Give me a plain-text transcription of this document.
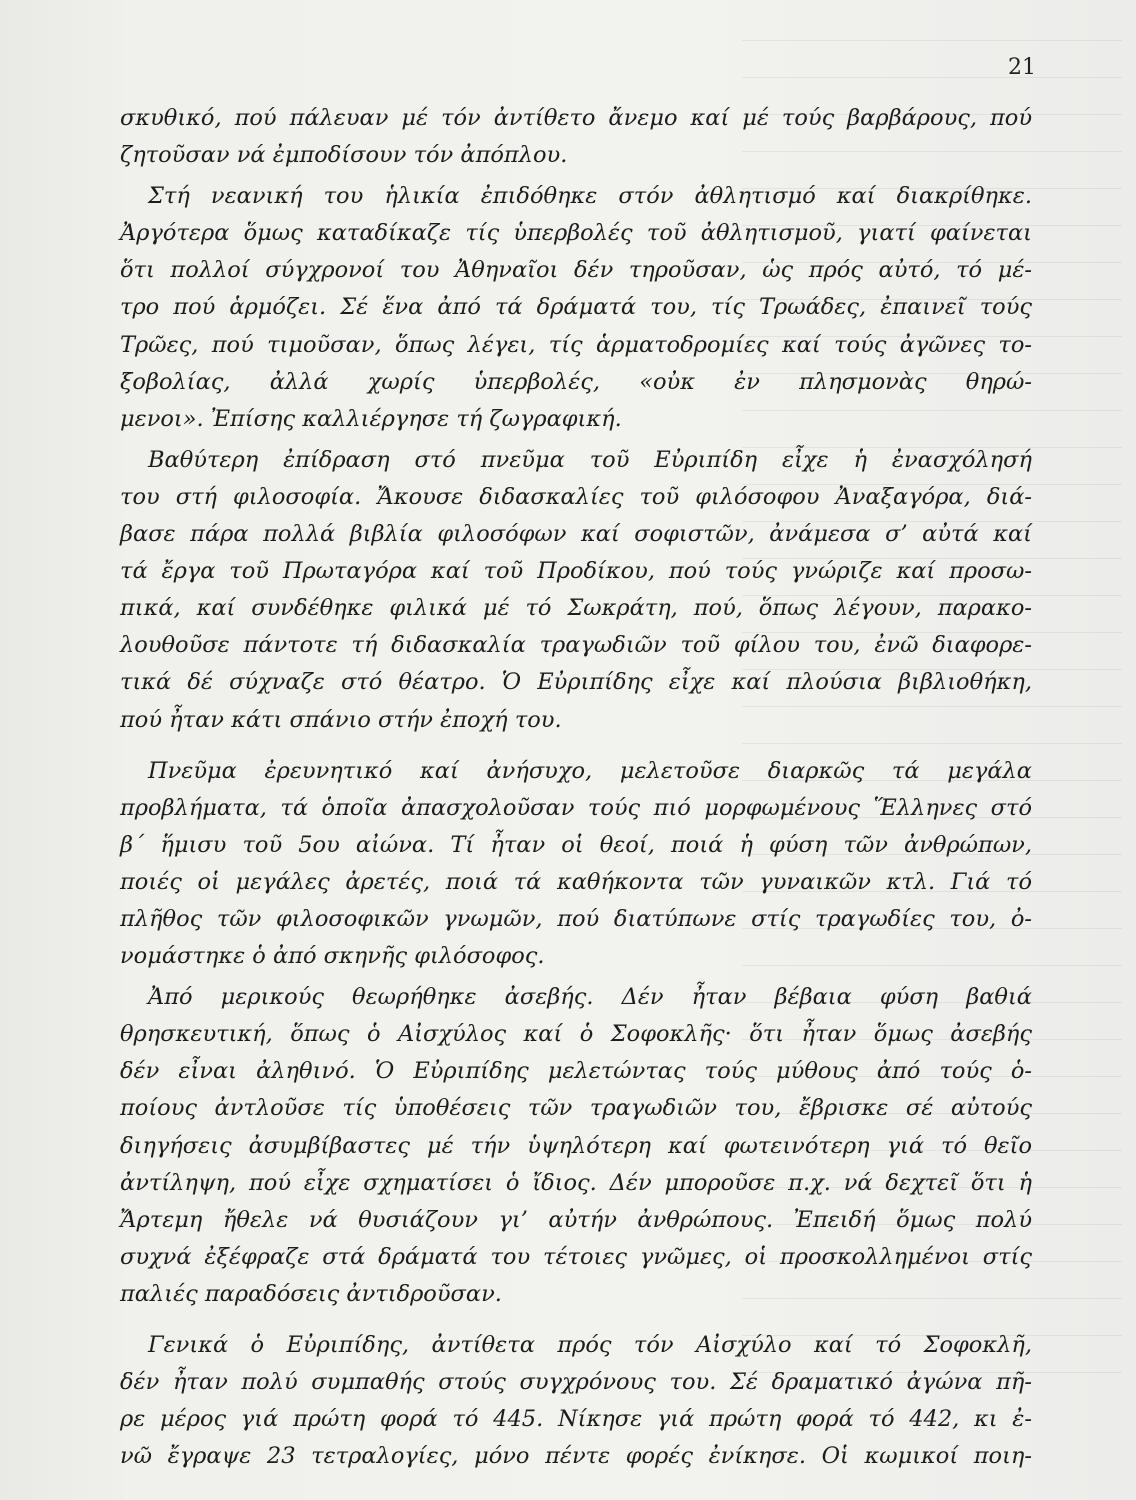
21
σκυθικό, πού πάλευαν μέ τόν ἀντίθετο ἄνεμο καί μέ τούς βαρβάρους, πού
ζητοῦσαν νά ἐμποδίσουν τόν ἀπόπλου.
Στή νεανική του ἡλικία ἐπιδόθηκε στόν ἀθλητισμό καί διακρίθηκε.
Ἀργότερα ὅμως καταδίκαζε τίς ὑπερβολές τοῦ ἀθλητισμοῦ, γιατί φαίνεται
ὅτι πολλοί σύγχρονοί του Ἀθηναῖοι δέν τηροῦσαν, ὡς πρός αὐτό, τό μέ-
τρο πού ἁρμόζει. Σέ ἕνα ἀπό τά δράματά του, τίς Τρωάδες, ἐπαινεῖ τούς
Τρῶες, πού τιμοῦσαν, ὅπως λέγει, τίς ἁρματοδρομίες καί τούς ἀγῶνες το-
ξοβολίας, ἀλλά χωρίς ὑπερβολές, «οὐκ ἐν πλησμονὰς θηρώ-
μενοι». Ἐπίσης καλλιέργησε τή ζωγραφική.
Βαθύτερη ἐπίδραση στό πνεῦμα τοῦ Εὐριπίδη εἶχε ἡ ἐνασχόλησή
του στή φιλοσοφία. Ἄκουσε διδασκαλίες τοῦ φιλόσοφου Ἀναξαγόρα, διά-
βασε πάρα πολλά βιβλία φιλοσόφων καί σοφιστῶν, ἀνάμεσα σ’ αὐτά καί
τά ἔργα τοῦ Πρωταγόρα καί τοῦ Προδίκου, πού τούς γνώριζε καί προσω-
πικά, καί συνδέθηκε φιλικά μέ τό Σωκράτη, πού, ὅπως λέγουν, παρακο-
λουθοῦσε πάντοτε τή διδασκαλία τραγωδιῶν τοῦ φίλου του, ἐνῶ διαφορε-
τικά δέ σύχναζε στό θέατρο. Ὁ Εὐριπίδης εἶχε καί πλούσια βιβλιοθήκη,
πού ἦταν κάτι σπάνιο στήν ἐποχή του.
Πνεῦμα ἐρευνητικό καί ἀνήσυχο, μελετοῦσε διαρκῶς τά μεγάλα
προβλήματα, τά ὁποῖα ἀπασχολοῦσαν τούς πιό μορφωμένους Ἕλληνες στό
β΄ ἥμισυ τοῦ 5ου αἰώνα. Τί ἦταν οἱ θεοί, ποιά ἡ φύση τῶν ἀνθρώπων,
ποιές οἱ μεγάλες ἀρετές, ποιά τά καθήκοντα τῶν γυναικῶν κτλ. Γιά τό
πλῆθος τῶν φιλοσοφικῶν γνωμῶν, πού διατύπωνε στίς τραγωδίες του, ὀ-
νομάστηκε ὁ ἀπό σκηνῆς φιλόσοφος.
Ἀπό μερικούς θεωρήθηκε ἀσεβής. Δέν ἦταν βέβαια φύση βαθιά
θρησκευτική, ὅπως ὁ Αἰσχύλος καί ὁ Σοφοκλῆς· ὅτι ἦταν ὅμως ἀσεβής
δέν εἶναι ἀληθινό. Ὁ Εὐριπίδης μελετώντας τούς μύθους ἀπό τούς ὁ-
ποίους ἀντλοῦσε τίς ὑποθέσεις τῶν τραγωδιῶν του, ἔβρισκε σέ αὐτούς
διηγήσεις ἀσυμβίβαστες μέ τήν ὑψηλότερη καί φωτεινότερη γιά τό θεῖο
ἀντίληψη, πού εἶχε σχηματίσει ὁ ἴδιος. Δέν μποροῦσε π.χ. νά δεχτεῖ ὅτι ἡ
Ἄρτεμη ἤθελε νά θυσιάζουν γι’ αὐτήν ἀνθρώπους. Ἐπειδή ὅμως πολύ
συχνά ἐξέφραζε στά δράματά του τέτοιες γνῶμες, οἱ προσκολλημένοι στίς
παλιές παραδόσεις ἀντιδροῦσαν.
Γενικά ὁ Εὐριπίδης, ἀντίθετα πρός τόν Αἰσχύλο καί τό Σοφοκλῆ,
δέν ἦταν πολύ συμπαθής στούς συγχρόνους του. Σέ δραματικό ἀγώνα πῆ-
ρε μέρος γιά πρώτη φορά τό 445. Νίκησε γιά πρώτη φορά τό 442, κι ἐ-
νῶ ἔγραψε 23 τετραλογίες, μόνο πέντε φορές ἐνίκησε. Οἱ κωμικοί ποιη-
